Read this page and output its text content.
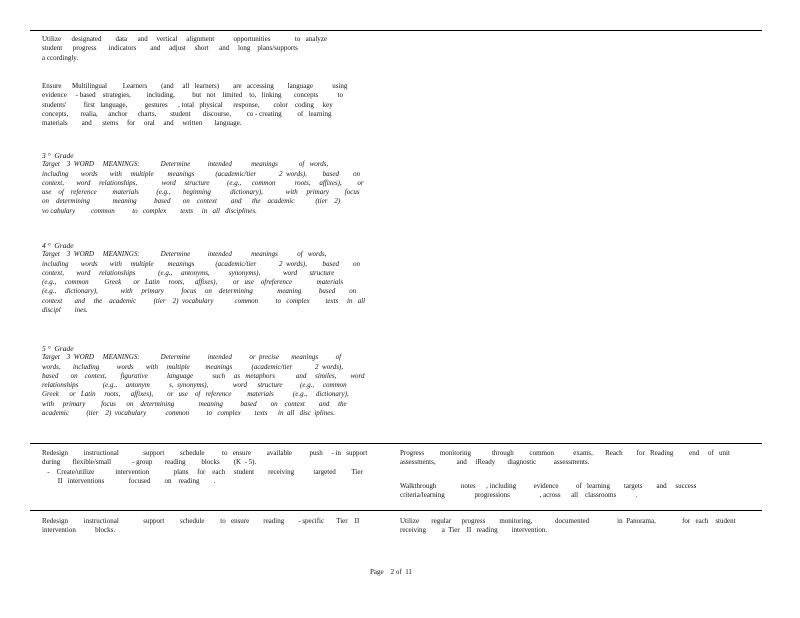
Utilize      designated        data      and     vertical     alignment           opportunities              to   analyze
student      progress       indicators        and     adjust     short      and     long    plans/supports
a ccordingly.
Ensure      Multilingual         Learners        (and     all   learners)        are   accessing        language           using
evidence     - based    strategies,         including,          but   not    limited    to,   linking       concepts           to
students'          first   language,          gestures      , total   physical      response,        color    coding     key
concepts,       realia,      anchor      charts,        student       discourse,         co - creating         of   learning
materials        and      stems     for     oral     and     written       language.
3 °  Grade
Target    3  WORD     MEANINGS:            Determine          intended           meanings            of   words,
including       words       with     multiple        meanings            (academic/tier             2  words),         based        on
context,       word     relationships,              word     structure          (e.g.,      common           roots,     affixes),         or
use    of    reference         materials          (e.g.,       beginning           dictionary),             with     primary         focus
on    determining             meaning          based       on    context        and      the    academic            (tier    2)
vo cabulary         common          to   complex        texts     in   all   disciplines.
4 °  Grade
Target    3  WORD     MEANINGS:            Determine          intended           meanings           of   words,
including       words       with     multiple        meanings            (academic/tier             2  words),         based        on
context,       word     relationships             (e.g.,     antonyms,           synonyms),             word       structure
(e.g.,     common         Greek       or   Latin     roots,      affixes),         or   use    ofreference              materials
(e.g.,     dictionary),             with     primary          focus     on    determining              meaning          based        on
context       and     the    academic          (tier    2)  vocabulary            common          to   complex         texts     in   all
discipl        ines.
5 °  Grade
Target    3  WORD     MEANINGS:            Determine          intended          or  precise       meanings          of
words,       including          words       with     multiple         meanings           (academic/tier             2  words),
based       on    context,        figurative           language           such     as   metaphors            and     similes,        word
relationships              (e.g.,     antonym           s,  synonyms),              word      structure          (e.g.,     common
Greek      or   Latin     roots,      affixes),        or   use    of   reference         materials           (e.g.,     dictionary),
with     primary         focus      on    determining              meaning          based        on    context        and     the
academic          (tier    2)  vocabulary           common          to   complex        texts      in  all   disc  iplines.
Redesign         instructional              support         schedule          to   ensure         available          push     - in   support
during       flexible/small            - group       reading         blocks        (K  - 5).
-    Create/utilize            intervention              plans     for    each     student        receiving           targeted         Tier
II   interventions              focused        on    reading        .
Progress         monitoring            through         common           exams,       Reach        for   Reading         end     of   unit
assessments,            and     iReady       diagnostic          assessments.
Walkthrough              notes      , including          evidence          of   learning        targets        and     success
criteria/learning                 progressions                 , across      all    classrooms           .
Redesign         instructional              support         schedule         to   ensure        reading        - specific       Tier    II
intervention           blocks.
Utilize       regular      progress        monitoring,             documented                in  Panorama,               for   each    student
receiving         a  Tier    II   reading        intervention.
Page 2 of  11
